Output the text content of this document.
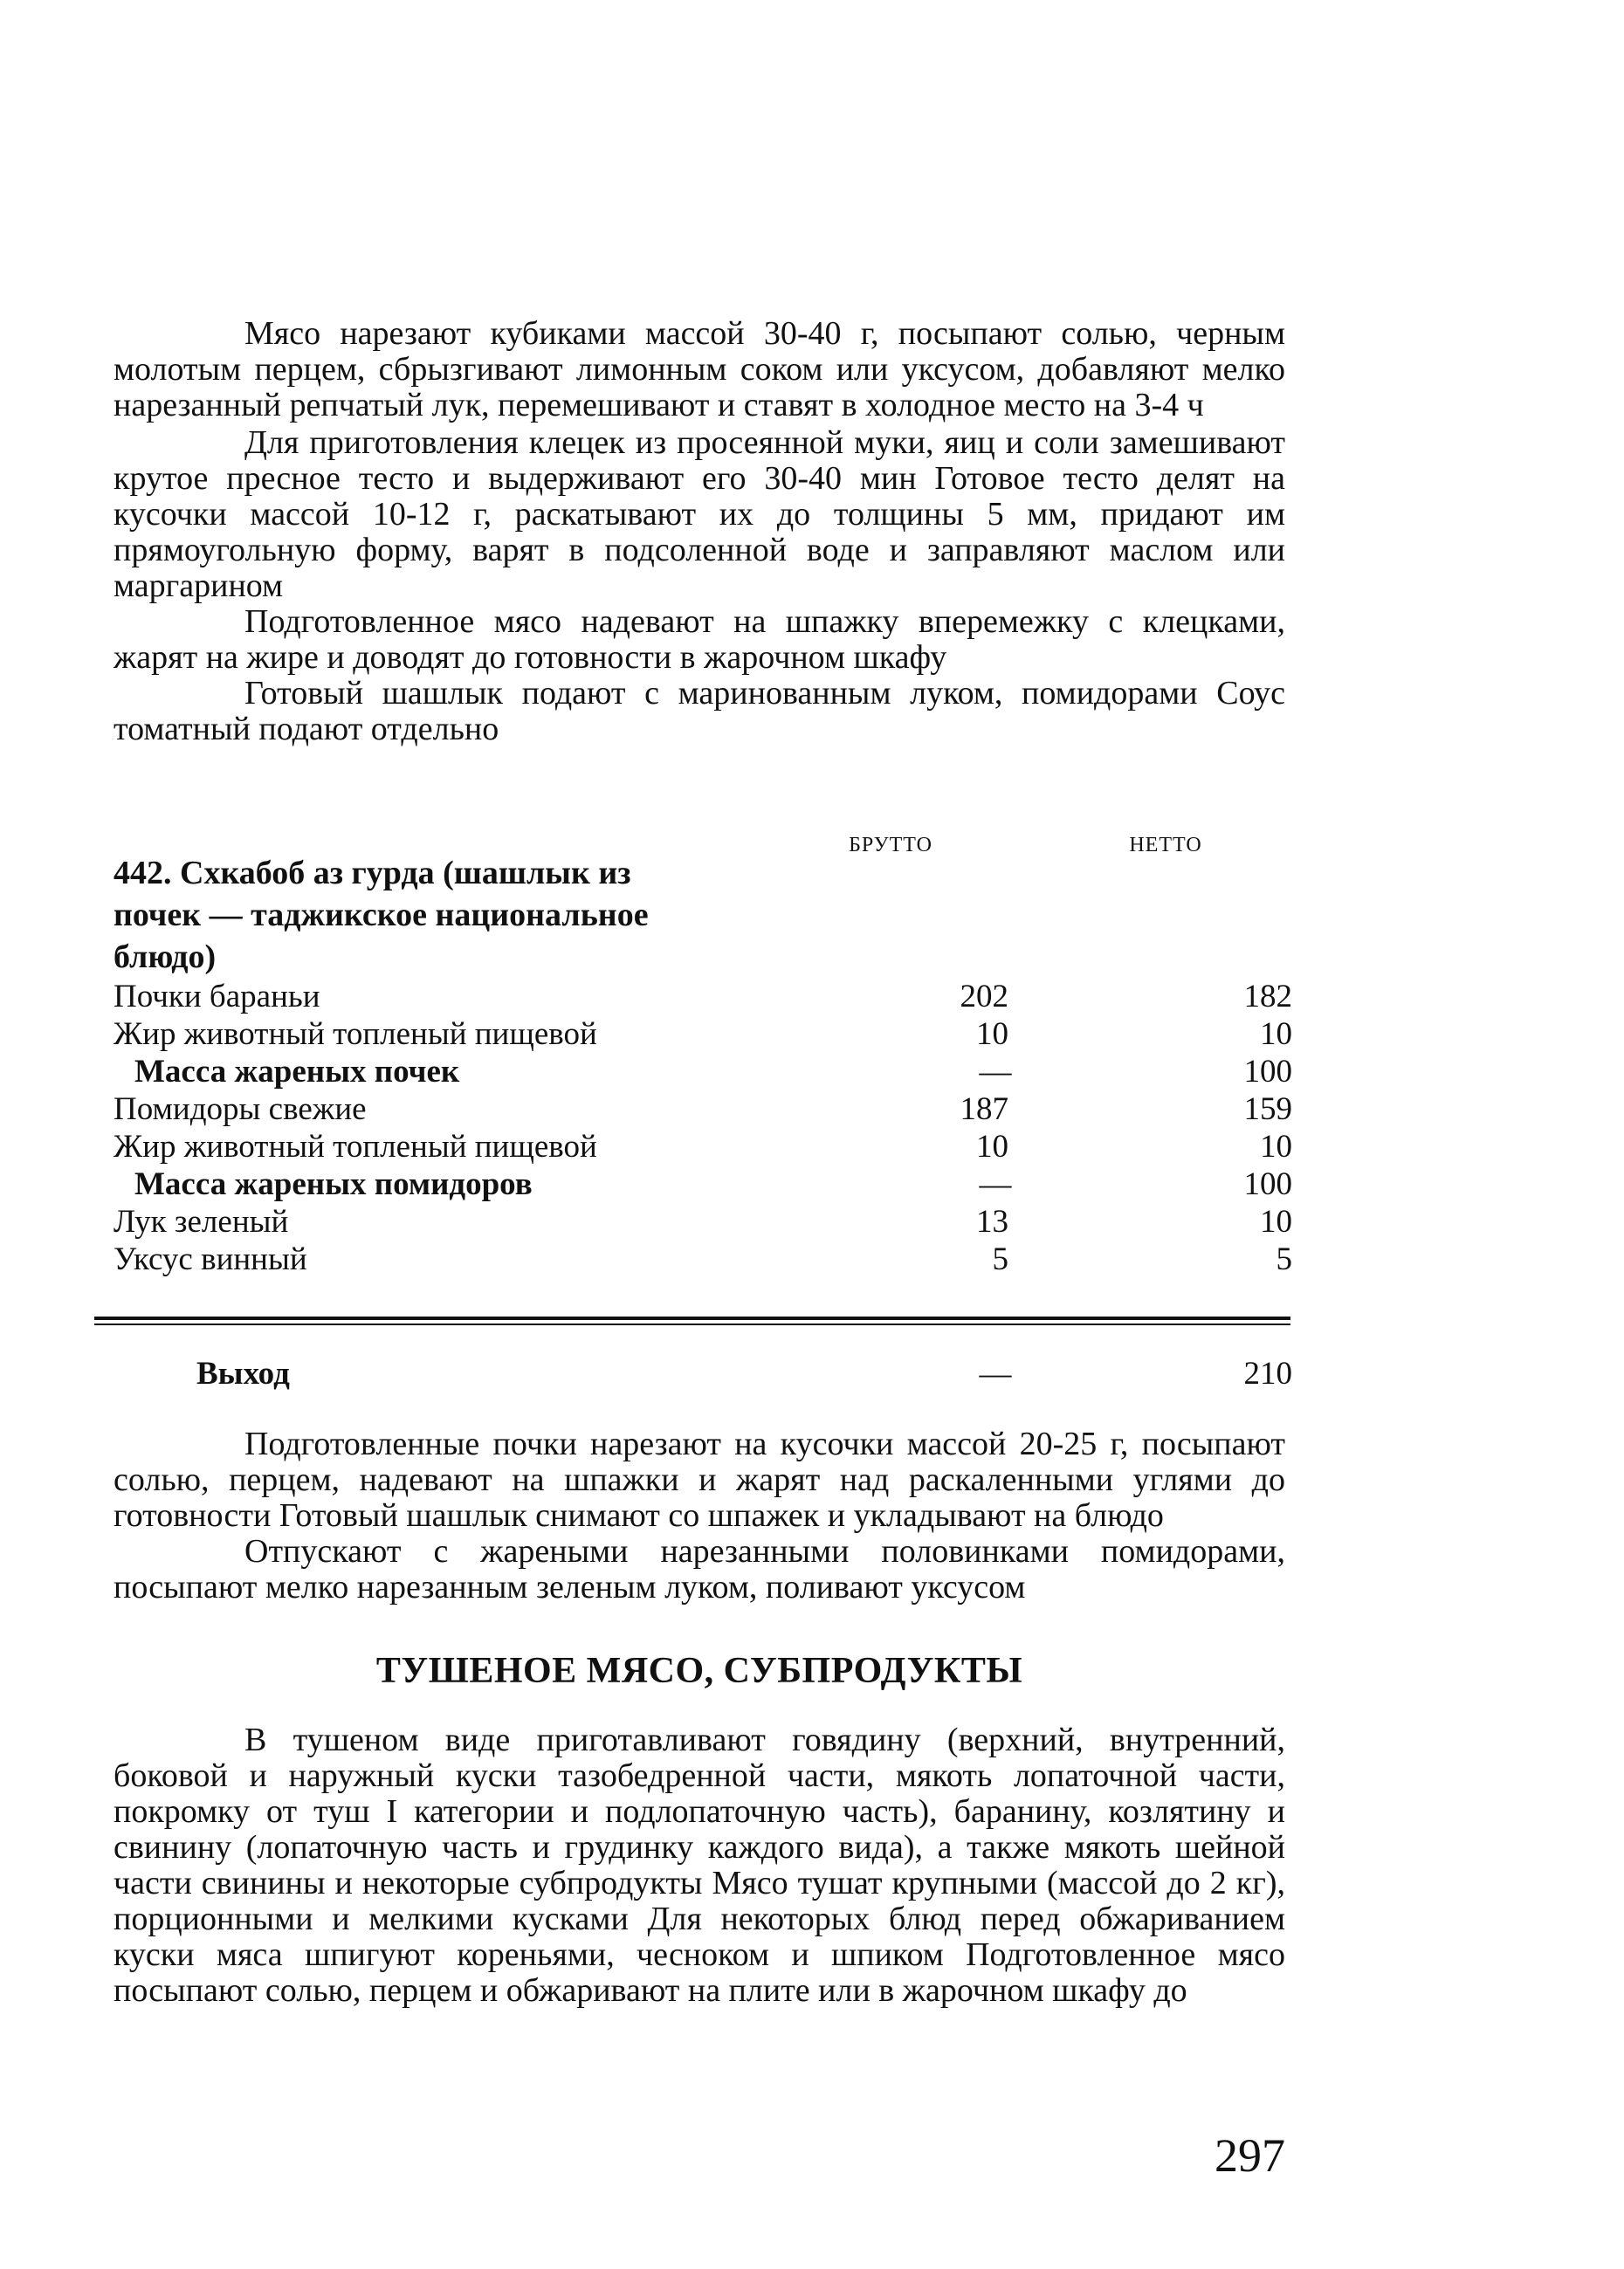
Мясо нарезают кубиками массой 30-40 г, посыпают солью, черным молотым перцем, сбрызгивают лимонным соком или уксусом, добавляют мелко нарезанный репчатый лук, перемешивают и ставят в холодное место на 3-4 ч

Для приготовления клецек из просеянной муки, яиц и соли замешивают крутое пресное тесто и выдерживают его 30-40 мин Готовое тесто делят на кусочки массой 10-12 г, раскатывают их до толщины 5 мм, придают им прямоугольную форму, варят в подсоленной воде и заправляют маслом или маргарином

Подготовленное мясо надевают на шпажку вперемежку с клецками, жарят на жире и доводят до готовности в жарочном шкафу

Готовый шашлык подают с маринованным луком, помидорами Соус томатный подают отдельно

БРУТТО	НЕТТО
442. Схкабоб аз гурда (шашлык из почек — таджикское национальное блюдо)
Почки бараньи	202	182
Жир животный топленый пищевой	10	10
Масса жареных почек	—	100
Помидоры свежие	187	159
Жир животный топленый пищевой	10	10
Масса жареных помидоров	—	100
Лук зеленый	13	10
Уксус винный	5	5
Выход	—	210

Подготовленные почки нарезают на кусочки массой 20-25 г, посыпают солью, перцем, надевают на шпажки и жарят над раскаленными углями до готовности Готовый шашлык снимают со шпажек и укладывают на блюдо

Отпускают с жареными нарезанными половинками помидорами, посыпают мелко нарезанным зеленым луком, поливают уксусом

ТУШЕНОЕ МЯСО, СУБПРОДУКТЫ

В тушеном виде приготавливают говядину (верхний, внутренний, боковой и наружный куски тазобедренной части, мякоть лопаточной части, покромку от туш I категории и подлопаточную часть), баранину, козлятину и свинину (лопаточную часть и грудинку каждого вида), а также мякоть шейной части свинины и некоторые субпродукты Мясо тушат крупными (массой до 2 кг), порционными и мелкими кусками Для некоторых блюд перед обжариванием куски мяса шпигуют кореньями, чесноком и шпиком Подготовленное мясо посыпают солью, перцем и обжаривают на плите или в жарочном шкафу до

297
